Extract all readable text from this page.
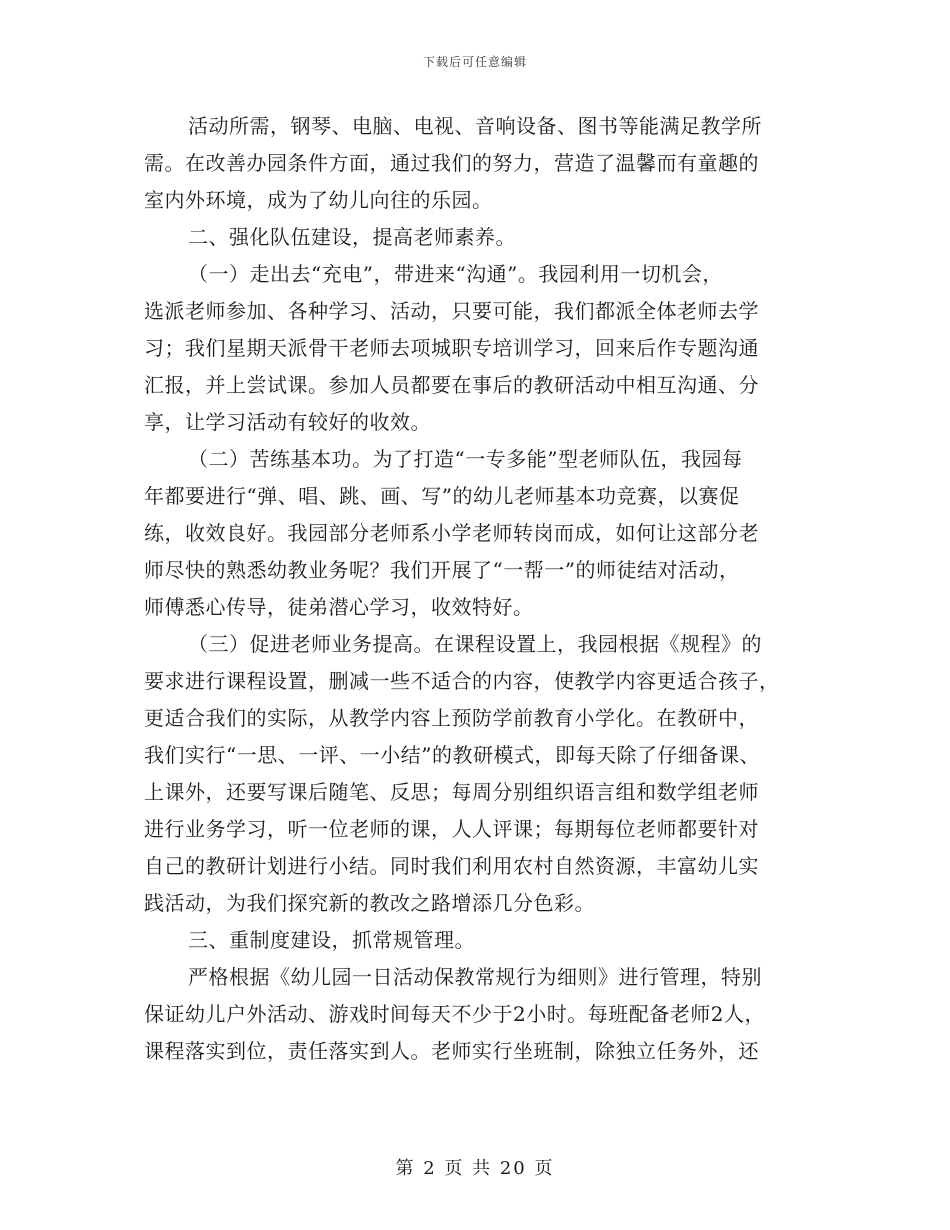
下载后可任意编辑
活动所需，钢琴、电脑、电视、音响设备、图书等能满足教学所
需。在改善办园条件方面，通过我们的努力，营造了温馨而有童趣的
室内外环境，成为了幼儿向往的乐园。
二、强化队伍建设，提高老师素养。
（一）走出去“充电”，带进来“沟通”。我园利用一切机会，
选派老师参加、各种学习、活动，只要可能，我们都派全体老师去学
习；我们星期天派骨干老师去项城职专培训学习，回来后作专题沟通
汇报，并上尝试课。参加人员都要在事后的教研活动中相互沟通、分
享，让学习活动有较好的收效。
（二）苦练基本功。为了打造“一专多能”型老师队伍，我园每
年都要进行“弹、唱、跳、画、写”的幼儿老师基本功竞赛，以赛促
练，收效良好。我园部分老师系小学老师转岗而成，如何让这部分老
师尽快的熟悉幼教业务呢？我们开展了“一帮一”的师徒结对活动，
师傅悉心传导，徒弟潜心学习，收效特好。
（三）促进老师业务提高。在课程设置上，我园根据《规程》的
要求进行课程设置，删减一些不适合的内容，使教学内容更适合孩子，
更适合我们的实际，从教学内容上预防学前教育小学化。在教研中，
我们实行“一思、一评、一小结”的教研模式，即每天除了仔细备课、
上课外，还要写课后随笔、反思；每周分别组织语言组和数学组老师
进行业务学习，听一位老师的课，人人评课；每期每位老师都要针对
自己的教研计划进行小结。同时我们利用农村自然资源，丰富幼儿实
践活动，为我们探究新的教改之路增添几分色彩。
三、重制度建设，抓常规管理。
严格根据《幼儿园一日活动保教常规行为细则》进行管理，特别
保证幼儿户外活动、游戏时间每天不少于2小时。每班配备老师2人，
课程落实到位，责任落实到人。老师实行坐班制，除独立任务外，还
第 2 页 共 20 页
